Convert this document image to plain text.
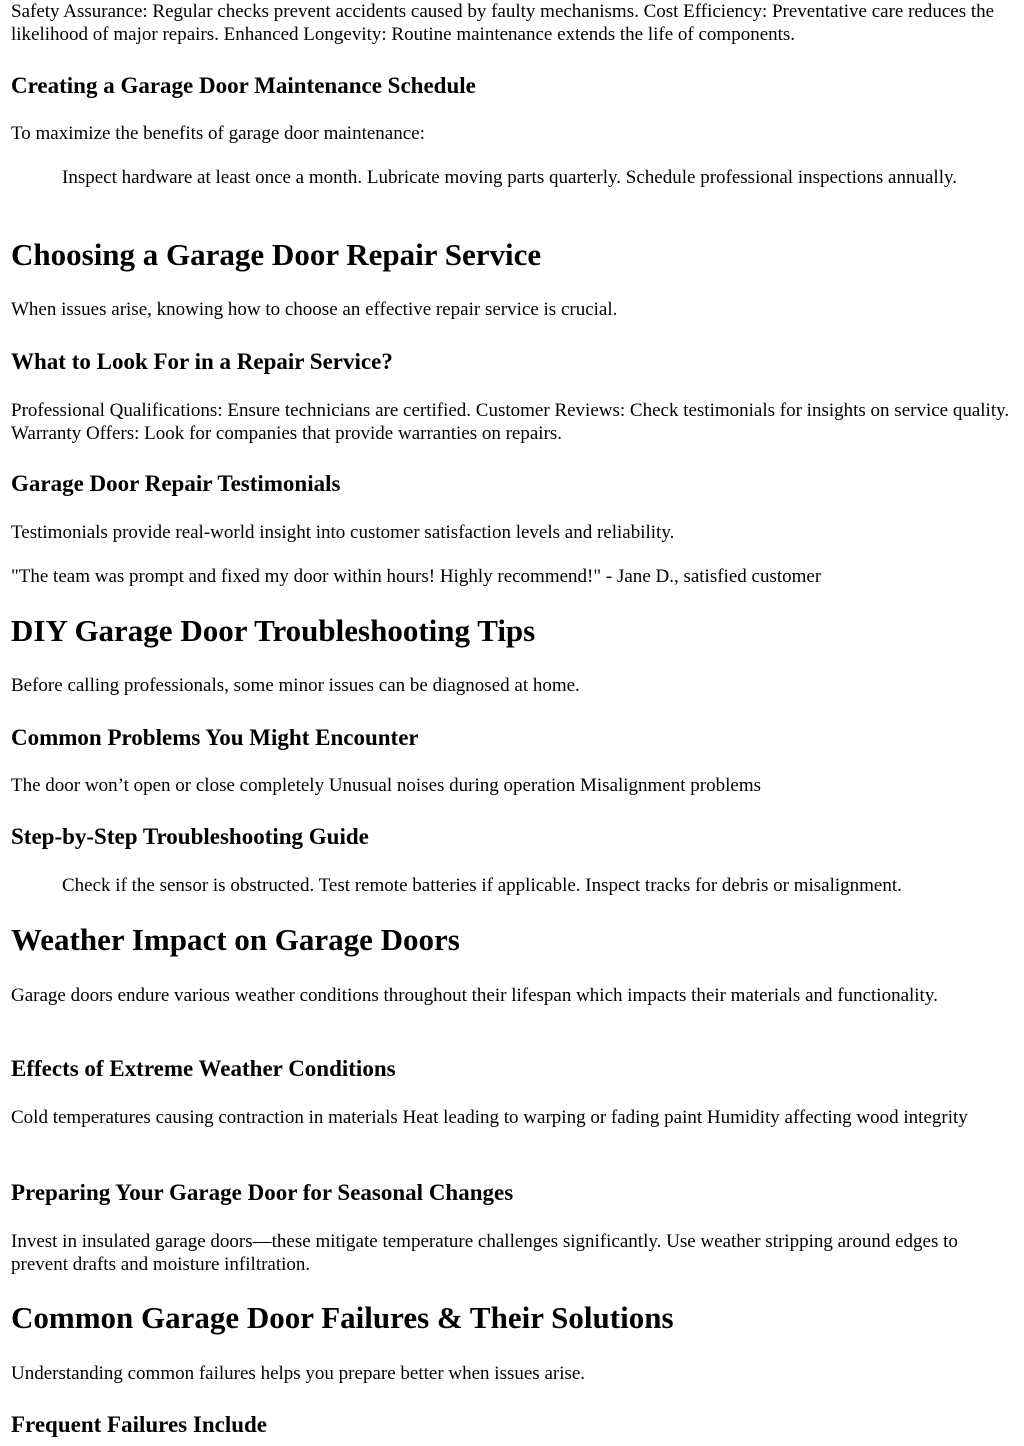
Safety Assurance: Regular checks prevent accidents caused by faulty mechanisms. Cost Efficiency: Preventative care reduces the likelihood of major repairs. Enhanced Longevity: Routine maintenance extends the life of components.

Creating a Garage Door Maintenance Schedule

To maximize the benefits of garage door maintenance:

Inspect hardware at least once a month. Lubricate moving parts quarterly. Schedule professional inspections annually.
Choosing a Garage Door Repair Service

When issues arise, knowing how to choose an effective repair service is crucial.

What to Look For in a Repair Service?

Professional Qualifications: Ensure technicians are certified. Customer Reviews: Check testimonials for insights on service quality. Warranty Offers: Look for companies that provide warranties on repairs.

Garage Door Repair Testimonials

Testimonials provide real-world insight into customer satisfaction levels and reliability.

"The team was prompt and fixed my door within hours! Highly recommend!" - Jane D., satisfied customer

DIY Garage Door Troubleshooting Tips

Before calling professionals, some minor issues can be diagnosed at home.

Common Problems You Might Encounter

The door won’t open or close completely Unusual noises during operation Misalignment problems

Step-by-Step Troubleshooting Guide
Check if the sensor is obstructed. Test remote batteries if applicable. Inspect tracks for debris or misalignment.
Weather Impact on Garage Doors

Garage doors endure various weather conditions throughout their lifespan which impacts their materials and functionality.

Effects of Extreme Weather Conditions

Cold temperatures causing contraction in materials Heat leading to warping or fading paint Humidity affecting wood integrity

Preparing Your Garage Door for Seasonal Changes

Invest in insulated garage doors—these mitigate temperature challenges significantly. Use weather stripping around edges to prevent drafts and moisture infiltration.

Common Garage Door Failures & Their Solutions

Understanding common failures helps you prepare better when issues arise.

Frequent Failures Include
